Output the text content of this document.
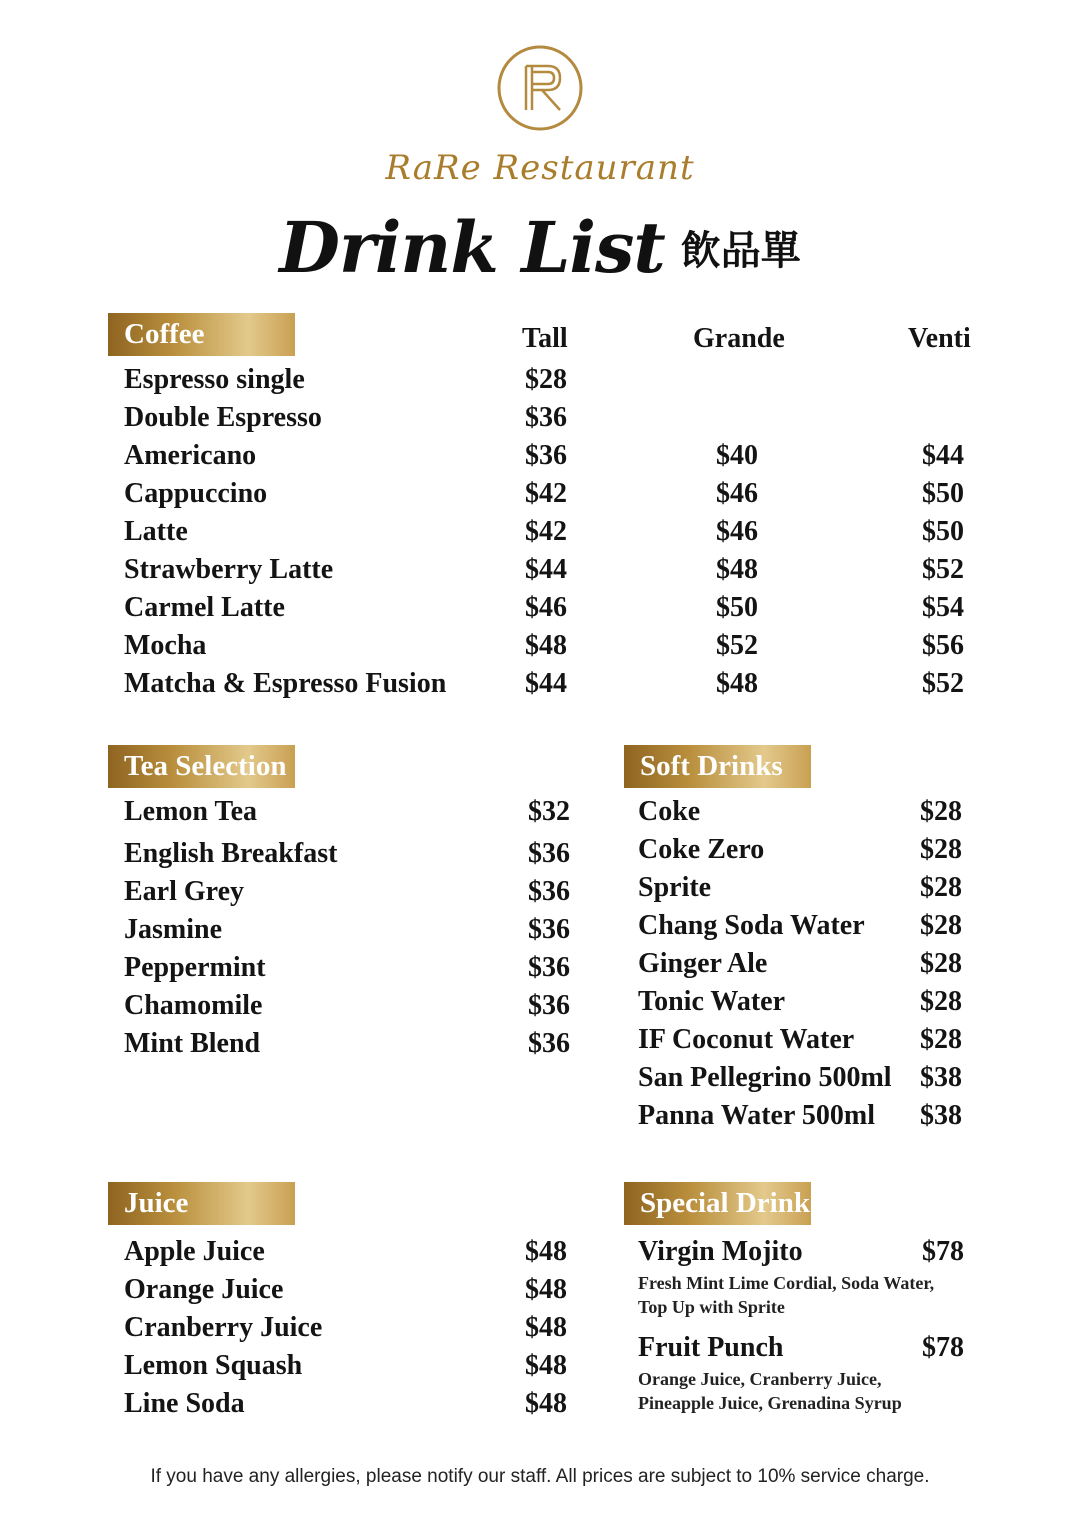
RaRe Restaurant
Drink List 飲品單
Coffee	Tall	Grande	Venti
Espresso single	$28
Double Espresso	$36
Americano	$36	$40	$44
Cappuccino	$42	$46	$50
Latte	$42	$46	$50
Strawberry Latte	$44	$48	$52
Carmel Latte	$46	$50	$54
Mocha	$48	$52	$56
Matcha & Espresso Fusion	$44	$48	$52
Tea Selection
Lemon Tea	$32
English Breakfast	$36
Earl Grey	$36
Jasmine	$36
Peppermint	$36
Chamomile	$36
Mint Blend	$36
Soft Drinks
Coke	$28
Coke Zero	$28
Sprite	$28
Chang Soda Water $28
Ginger Ale	$28
Tonic Water	$28
IF Coconut Water $28
San Pellegrino 500ml $38
Panna Water 500ml $38
Juice
Apple Juice	$48
Orange Juice	$48
Cranberry Juice	$48
Lemon Squash	$48
Line Soda	$48
Special Drinks
Virgin Mojito	$78
Fresh Mint Lime Cordial, Soda Water,
Top Up with Sprite
Fruit Punch	$78
Orange Juice, Cranberry Juice,
Pineapple Juice, Grenadina Syrup
If you have any allergies, please notify our staff. All prices are subject to 10% service charge.
